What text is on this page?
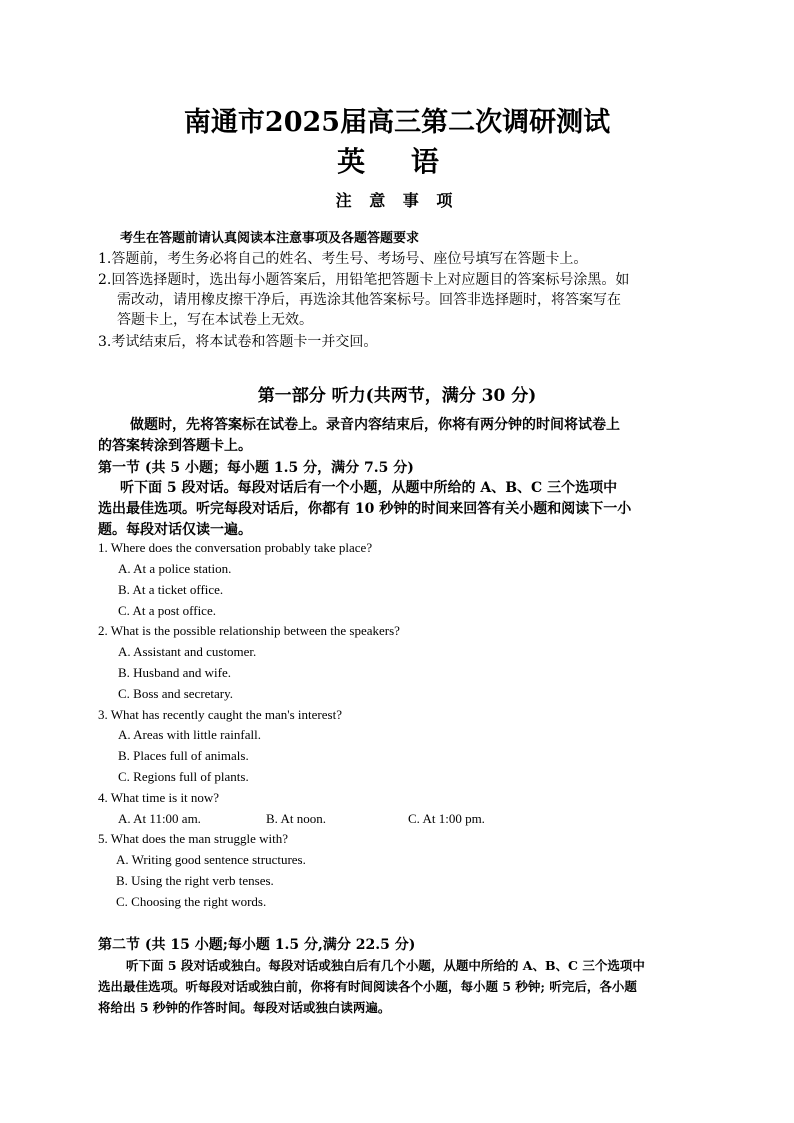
南通市2025届高三第二次调研测试
英 语
注 意 事 项
考生在答题前请认真阅读本注意事项及各题答题要求
1.答题前，考生务必将自己的姓名、考生号、考场号、座位号填写在答题卡上。
2.回答选择题时，选出每小题答案后，用铅笔把答题卡上对应题目的答案标号涂黑。如
需改动，请用橡皮擦干净后，再选涂其他答案标号。回答非选择题时，将答案写在
答题卡上，写在本试卷上无效。
3.考试结束后，将本试卷和答题卡一并交回。
第一部分 听力(共两节，满分 30 分)
做题时，先将答案标在试卷上。录音内容结束后，你将有两分钟的时间将试卷上
的答案转涂到答题卡上。
第一节 (共 5 小题；每小题 1.5 分，满分 7.5 分)
听下面 5 段对话。每段对话后有一个小题，从题中所给的 A、B、C 三个选项中
选出最佳选项。听完每段对话后，你都有 10 秒钟的时间来回答有关小题和阅读下一小
题。每段对话仅读一遍。
1. Where does the conversation probably take place?
A. At a police station.
B. At a ticket office.
C. At a post office.
2. What is the possible relationship between the speakers?
A. Assistant and customer.
B. Husband and wife.
C. Boss and secretary.
3. What has recently caught the man's interest?
A. Areas with little rainfall.
B. Places full of animals.
C. Regions full of plants.
4. What time is it now?
A. At 11:00 am.	B. At noon.	C. At 1:00 pm.
5. What does the man struggle with?
A. Writing good sentence structures.
B. Using the right verb tenses.
C. Choosing the right words.
第二节 (共 15 小题;每小题 1.5 分,满分 22.5 分)
听下面 5 段对话或独白。每段对话或独白后有几个小题，从题中所给的 A、B、C 三个选项中
选出最佳选项。听每段对话或独白前，你将有时间阅读各个小题，每小题 5 秒钟; 听完后，各小题
将给出 5 秒钟的作答时间。每段对话或独白读两遍。
